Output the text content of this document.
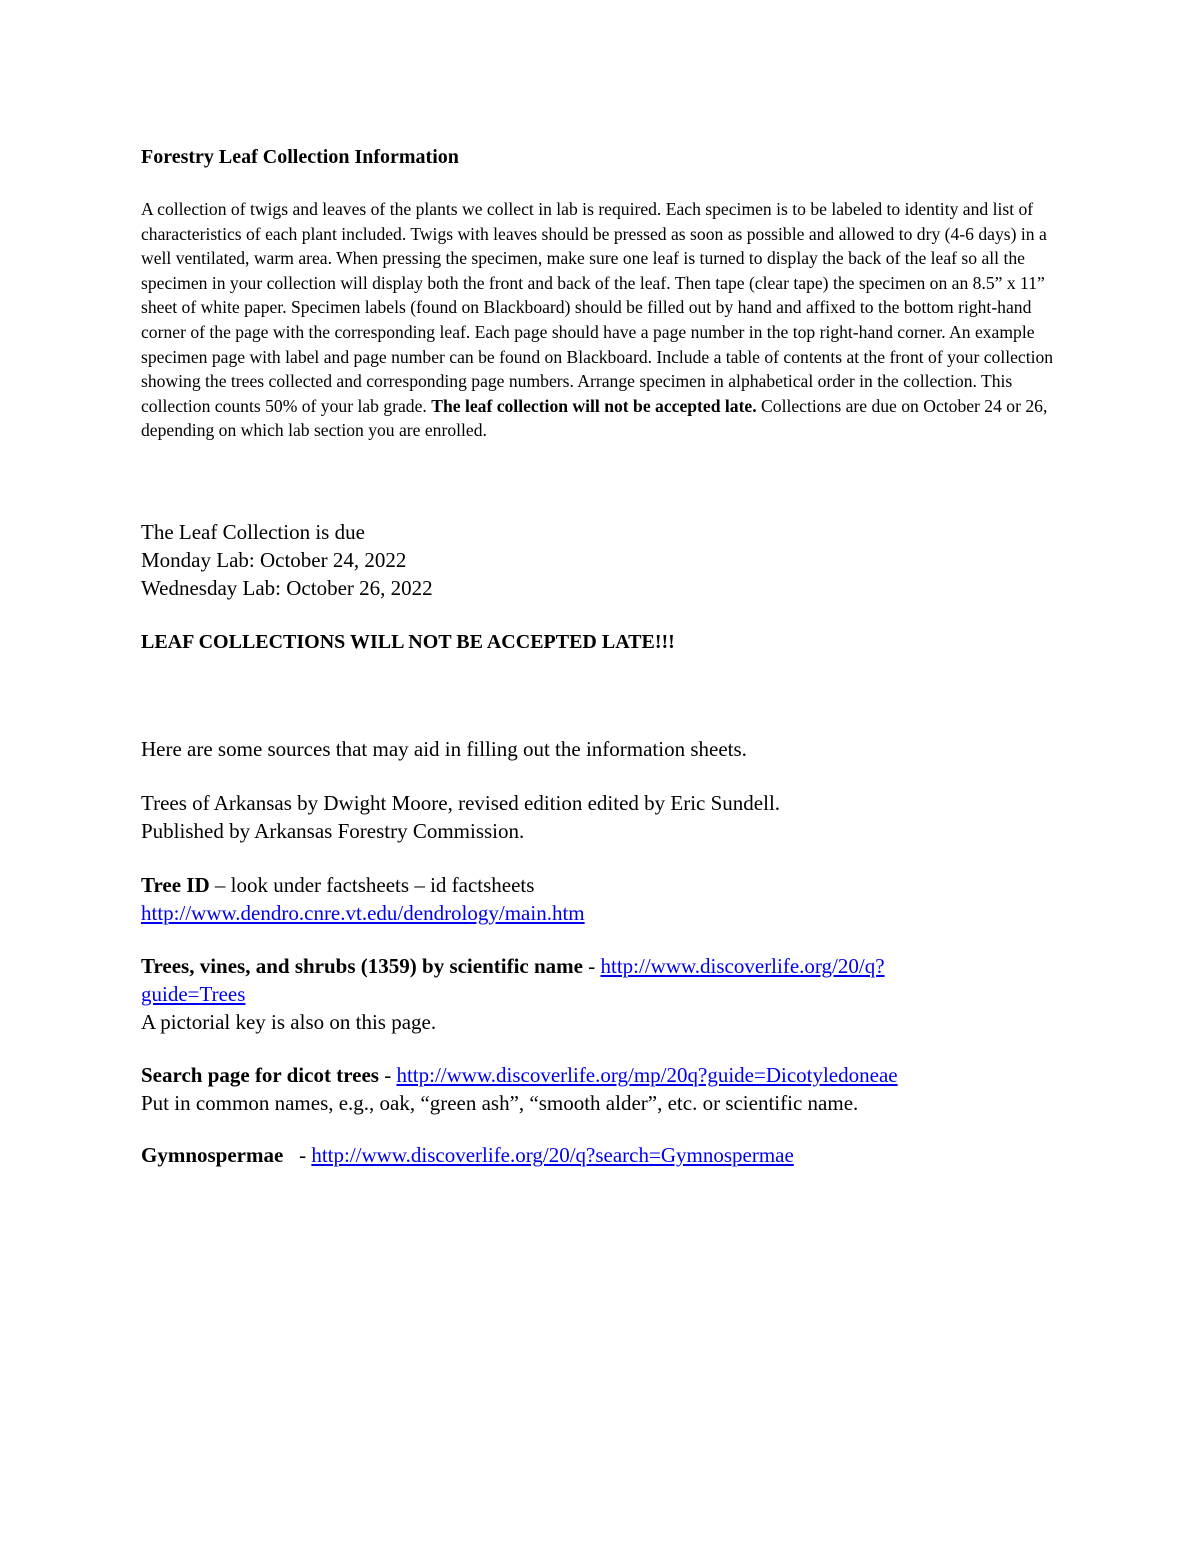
Forestry Leaf Collection Information

A collection of twigs and leaves of the plants we collect in lab is required. Each specimen is to be labeled to identity and list of characteristics of each plant included. Twigs with leaves should be pressed as soon as possible and allowed to dry (4-6 days) in a well ventilated, warm area. When pressing the specimen, make sure one leaf is turned to display the back of the leaf so all the specimen in your collection will display both the front and back of the leaf. Then tape (clear tape) the specimen on an 8.5” x 11” sheet of white paper. Specimen labels (found on Blackboard) should be filled out by hand and affixed to the bottom right-hand corner of the page with the corresponding leaf. Each page should have a page number in the top right-hand corner. An example specimen page with label and page number can be found on Blackboard. Include a table of contents at the front of your collection showing the trees collected and corresponding page numbers. Arrange specimen in alphabetical order in the collection. This collection counts 50% of your lab grade. The leaf collection will not be accepted late. Collections are due on October 24 or 26, depending on which lab section you are enrolled.

The Leaf Collection is due
Monday Lab: October 24, 2022
Wednesday Lab: October 26, 2022
LEAF COLLECTIONS WILL NOT BE ACCEPTED LATE!!!
Here are some sources that may aid in filling out the information sheets.
Trees of Arkansas by Dwight Moore, revised edition edited by Eric Sundell.
Published by Arkansas Forestry Commission.
Tree ID – look under factsheets – id factsheets
http://www.dendro.cnre.vt.edu/dendrology/main.htm
Trees, vines, and shrubs (1359) by scientific name - http://www.discoverlife.org/20/q?
guide=Trees
A pictorial key is also on this page.
Search page for dicot trees - http://www.discoverlife.org/mp/20q?guide=Dicotyledoneae
Put in common names, e.g., oak, “green ash”, “smooth alder”, etc. or scientific name.
Gymnospermae   - http://www.discoverlife.org/20/q?search=Gymnospermae
